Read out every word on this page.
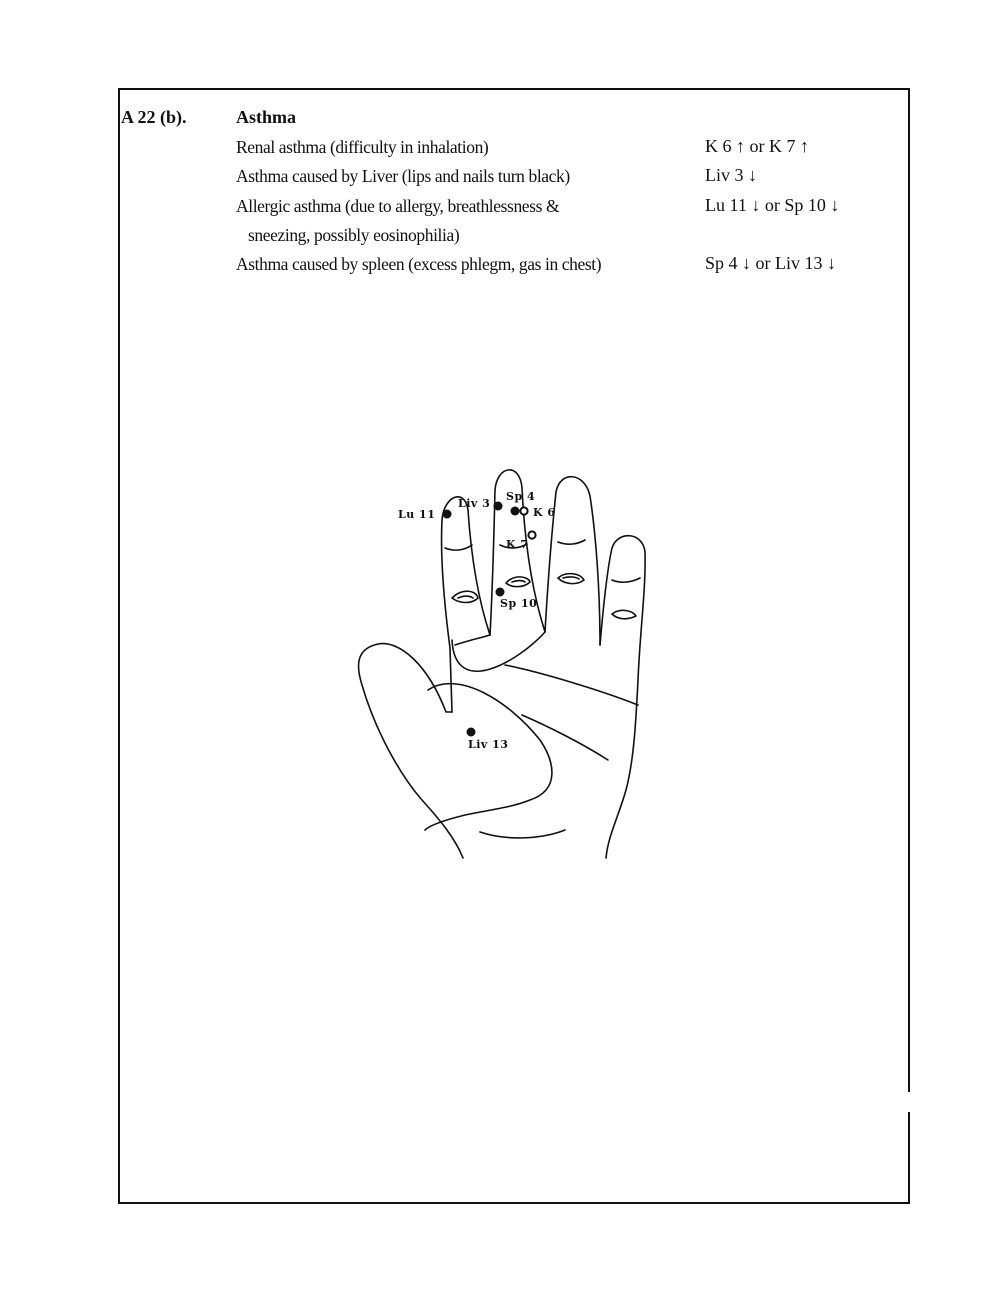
A 22 (b).	Asthma
Renal asthma (difficulty in inhalation)	K 6 ↑ or K 7 ↑
Asthma caused by Liver (lips and nails turn black)	Liv 3 ↓
Allergic asthma (due to allergy, breathlessness &	Lu 11 ↓ or Sp 10 ↓
sneezing, possibly eosinophilia)
Asthma caused by spleen (excess phlegm, gas in chest)	Sp 4 ↓ or Liv 13 ↓
Lu 11
Liv 3
Sp 4
K 6
K 7
Sp 10
Liv 13
